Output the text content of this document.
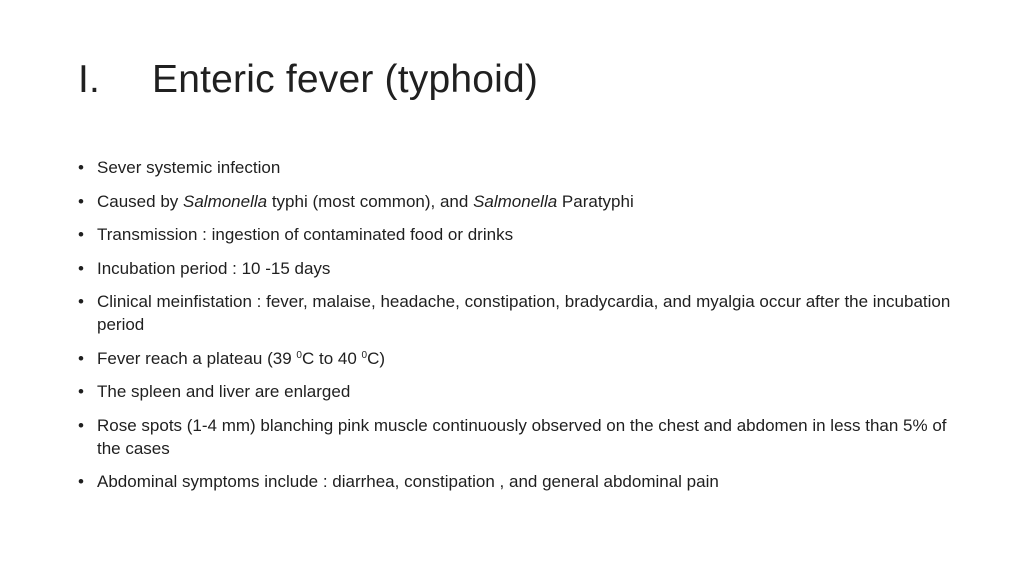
I. Enteric fever (typhoid)
• Sever systemic infection
• Caused by Salmonella typhi (most common), and Salmonella Paratyphi
• Transmission : ingestion of contaminated food or drinks
• Incubation period : 10 -15 days
• Clinical meinfistation : fever, malaise, headache, constipation, bradycardia, and myalgia occur after the incubation period
• Fever reach a plateau (39 $^0$C to 40 $^0$C)
• The spleen and liver are enlarged
• Rose spots (1-4 mm) blanching pink muscle continuously observed on the chest and abdomen in less than 5% of the cases
• Abdominal symptoms include : diarrhea, constipation , and general abdominal pain
